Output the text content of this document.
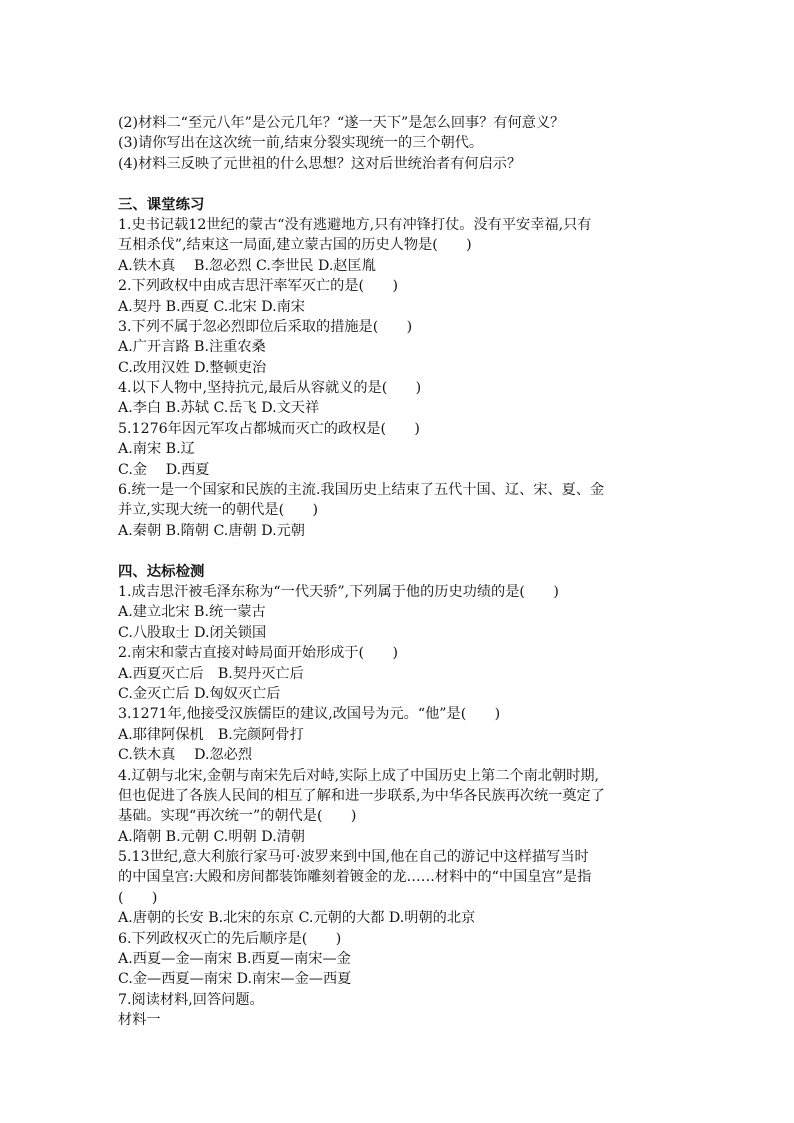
(2)材料二“至元八年”是公元几年？“遂一天下”是怎么回事？有何意义？
(3)请你写出在这次统一前,结束分裂实现统一的三个朝代。
(4)材料三反映了元世祖的什么思想？这对后世统治者有何启示？
三、课堂练习
1.史书记载12世纪的蒙古“没有逃避地方,只有冲锋打仗。没有平安幸福,只有
互相杀伐”,结束这一局面,建立蒙古国的历史人物是(　　)
A.铁木真　 B.忽必烈 C.李世民 D.赵匡胤
2.下列政权中由成吉思汗率军灭亡的是(　　)
A.契丹 B.西夏 C.北宋 D.南宋
3.下列不属于忽必烈即位后采取的措施是(　　)
A.广开言路 B.注重农桑
C.改用汉姓 D.整顿吏治
4.以下人物中,坚持抗元,最后从容就义的是(　　)
A.李白 B.苏轼 C.岳飞 D.文天祥
5.1276年因元军攻占都城而灭亡的政权是(　　)
A.南宋 B.辽
C.金　 D.西夏
6.统一是一个国家和民族的主流.我国历史上结束了五代十国、辽、宋、夏、金
并立,实现大统一的朝代是(　　)
A.秦朝 B.隋朝 C.唐朝 D.元朝
四、达标检测
1.成吉思汗被毛泽东称为“一代天骄”,下列属于他的历史功绩的是(　　)
A.建立北宋 B.统一蒙古
C.八股取士 D.闭关锁国
2.南宋和蒙古直接对峙局面开始形成于(　　)
A.西夏灭亡后　B.契丹灭亡后
C.金灭亡后 D.匈奴灭亡后
3.1271年,他接受汉族儒臣的建议,改国号为元。“他”是(　　)
A.耶律阿保机　B.完颜阿骨打
C.铁木真　 D.忽必烈
4.辽朝与北宋,金朝与南宋先后对峙,实际上成了中国历史上第二个南北朝时期,
但也促进了各族人民间的相互了解和进一步联系,为中华各民族再次统一奠定了
基础。实现“再次统一”的朝代是(　　)
A.隋朝 B.元朝 C.明朝 D.清朝
5.13世纪,意大利旅行家马可·波罗来到中国,他在自己的游记中这样描写当时
的中国皇宫:大殿和房间都装饰雕刻着镀金的龙……材料中的“中国皇宫”是指
(　　)
A.唐朝的长安 B.北宋的东京 C.元朝的大都 D.明朝的北京
6.下列政权灭亡的先后顺序是(　　)
A.西夏—金—南宋 B.西夏—南宋—金
C.金—西夏—南宋 D.南宋—金—西夏
7.阅读材料,回答问题。
材料一
